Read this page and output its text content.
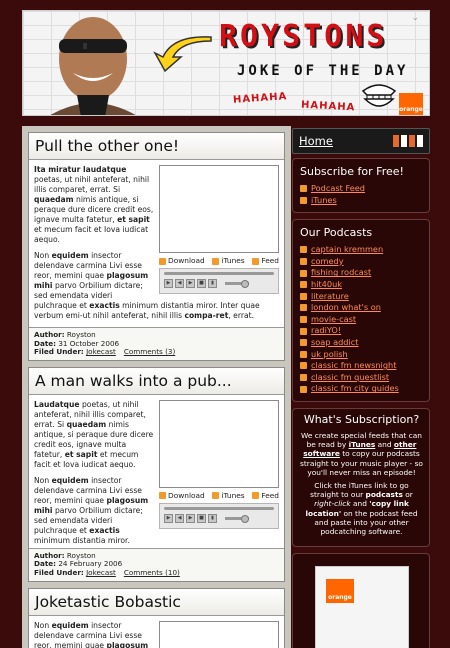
ROYSTONS
JOKE OF THE DAY
HAHAHA
HAHAHA	orange
⌄
Pull the other one!
Download iTunes Feed
▶	◀	▶	■	▮

Ita miratur laudatque poetas, ut nihil anteferat, nihil illis comparet, errat. Si quaedam nimis antique, si peraque dure dicere credit eos, ignave multa fatetur, et sapit et mecum facit et Iova iudicat aequo.

Non equidem insector delendave carmina Livi esse reor, memini quae plagosum mihi parvo Orbilium dictare; sed emendata videri pulchraque et exactis minimum distantia miror. Inter quae verbum emi-ut nihil anteferat, nihil illis compa-ret, errat.

Author: Royston
Date: 31 October 2006
Filed Under: Jokecast Comments (3)
A man walks into a pub...
Download iTunes Feed
▶	◀	▶	■	▮

Laudatque poetas, ut nihil anteferat, nihil illis comparet, errat. Si quaedam nimis antique, si peraque dure dicere credit eos, ignave multa fatetur, et sapit et mecum facit et Iova iudicat aequo.

Non equidem insector delendave carmina Livi esse reor, memini quae plagosum mihi parvo Orbilium dictare; sed emendata videri pulchraque et exactis minimum distantia miror.

Author: Royston
Date: 24 February 2006
Filed Under: Jokecast Comments (10)
Joketastic Bobastic

Non equidem insector delendave carmina Livi esse reor, memini quae plagosum

Home
Subscribe for Free!
Podcast Feed
iTunes
Our Podcasts
captain kremmen
comedy
fishing rodcast
hit40uk
literature
london what's on
movie-cast
radiYO!
soap addict
uk polish
classic fm newsnight
classic fm questlist
classic fm city guides
What's Subscription?

We create special feeds that can be read by iTunes and other software to copy our podcasts straight to your music player - so you'll never miss an episode!

Click the iTunes link to go straight to our podcasts or right-click and 'copy link location' on the podcast feed and paste into your other podcatching software.

orange
